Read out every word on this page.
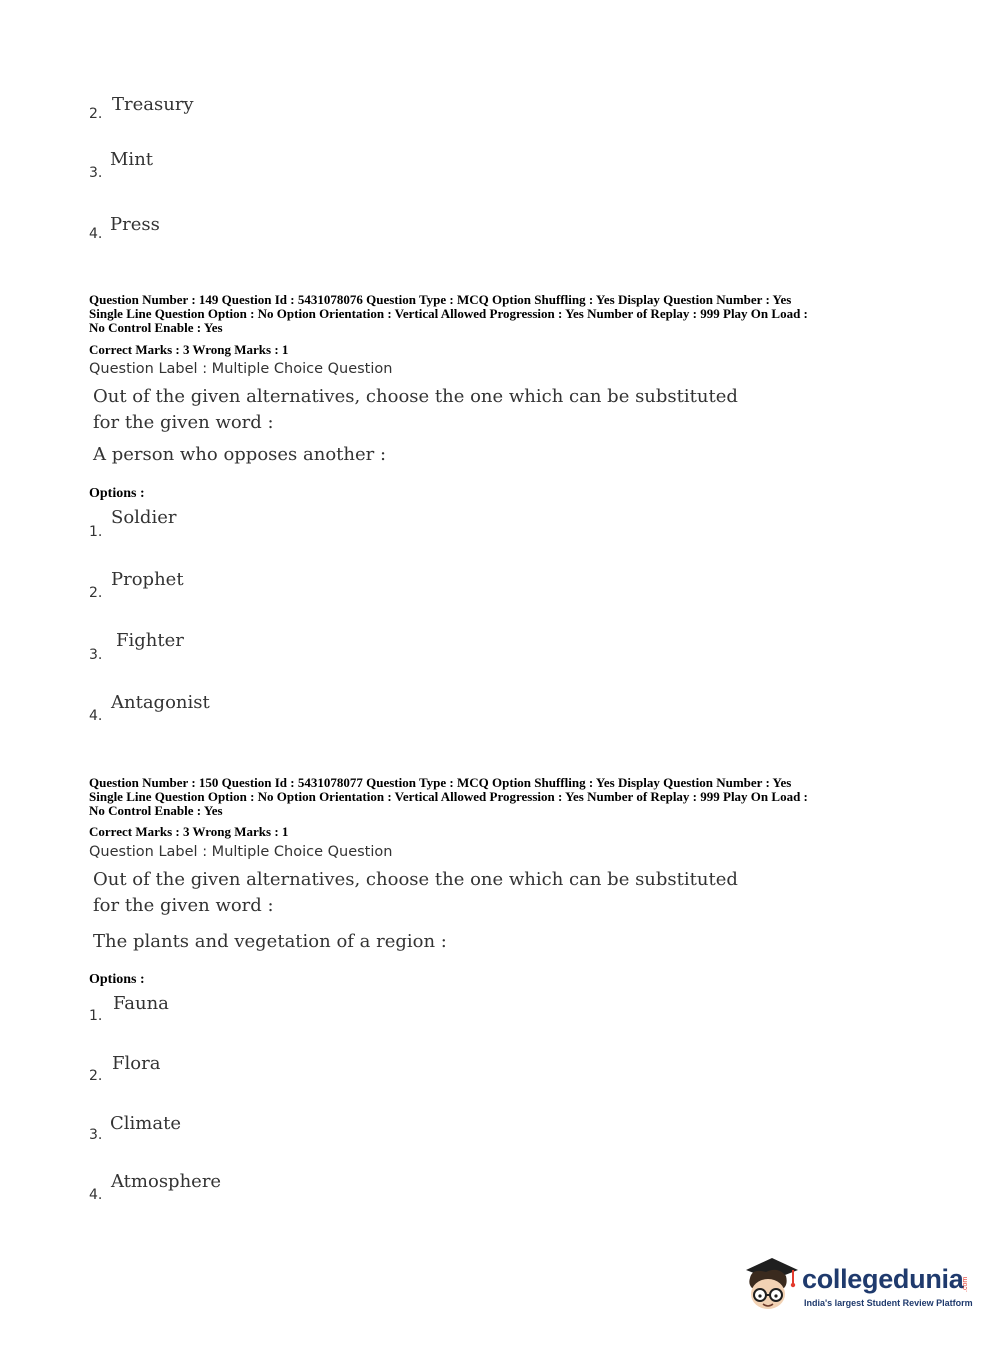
2. Treasury
3.
Mint
4. Press
Question Number : 149 Question Id : 5431078076 Question Type : MCQ Option Shuffling : Yes Display Question Number : Yes
Single Line Question Option : No Option Orientation : Vertical Allowed Progression : Yes Number of Replay : 999 Play On Load :
No Control Enable : Yes
Correct Marks : 3 Wrong Marks : 1
Question Label : Multiple Choice Question
Out of the given alternatives, choose the one which can be substituted
for the given word :
A person who opposes another :
Options :
1.
Soldier
2.
Prophet
3.
Fighter
4.
Antagonist
Question Number : 150 Question Id : 5431078077 Question Type : MCQ Option Shuffling : Yes Display Question Number : Yes
Single Line Question Option : No Option Orientation : Vertical Allowed Progression : Yes Number of Replay : 999 Play On Load :
No Control Enable : Yes
Correct Marks : 3 Wrong Marks : 1
Question Label : Multiple Choice Question
Out of the given alternatives, choose the one which can be substituted
for the given word :
The plants and vegetation of a region :
Options :
1.
Fauna
2.
Flora
3.
Climate
4.
Atmosphere
collegedunia
.com
India's largest Student Review Platform
